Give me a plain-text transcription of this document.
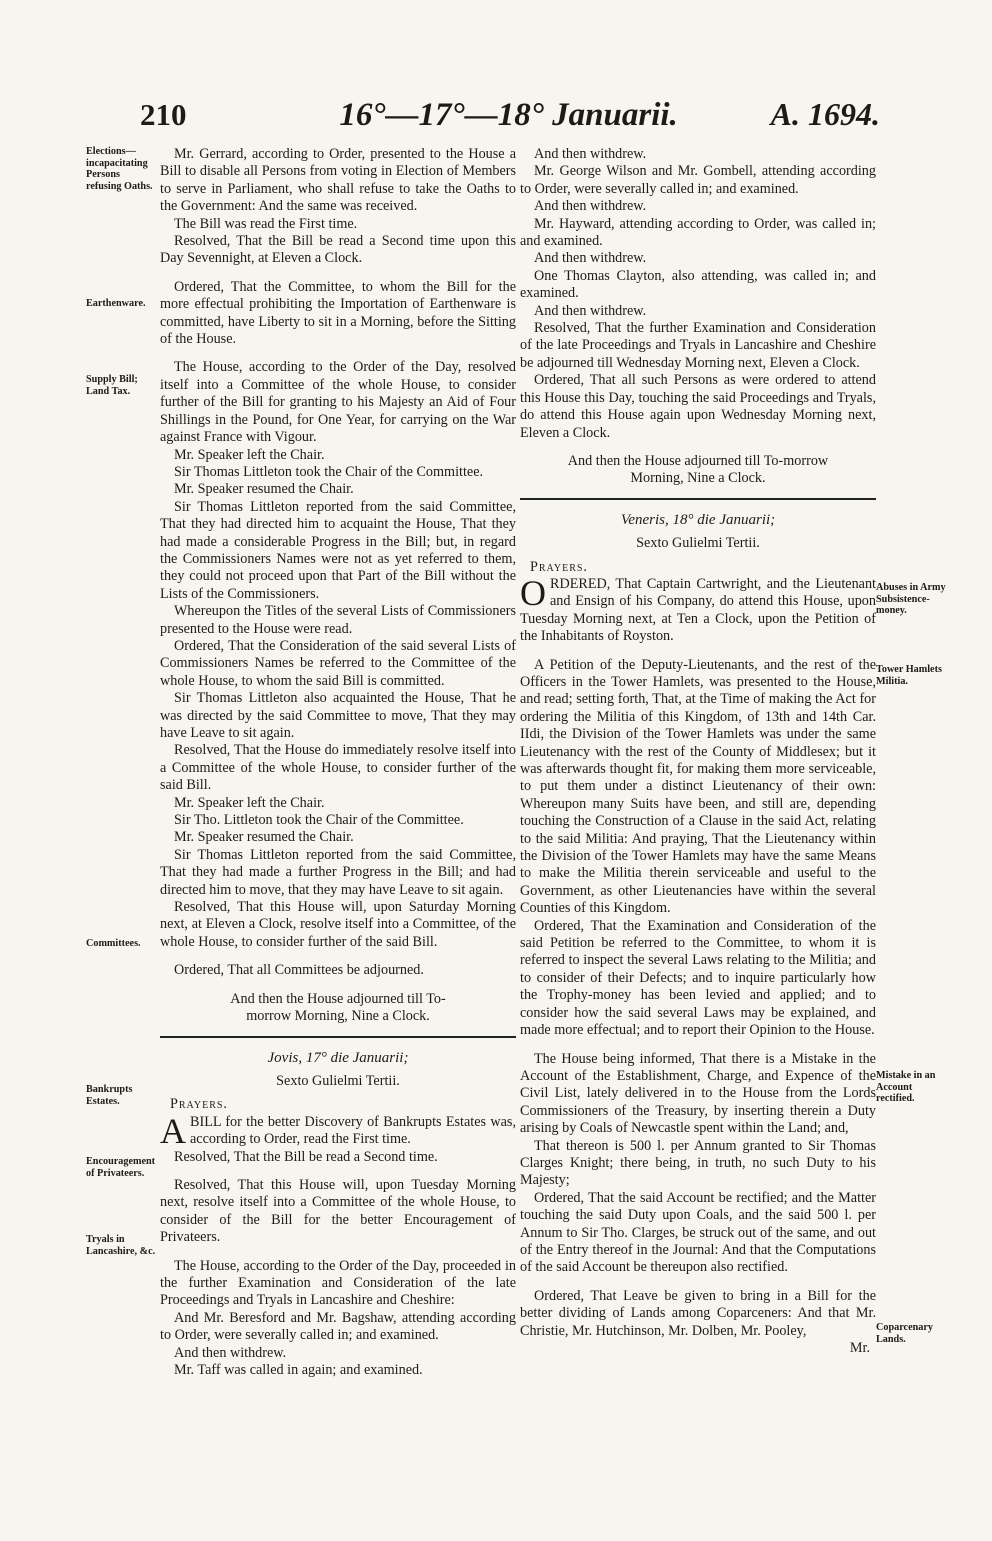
210	16°—17°—18° Januarii.	A. 1694.
Elections—incapacitating Persons refusing Oaths.
Earthenware.
Supply Bill; Land Tax.
Committees.
Bankrupts Estates.
Encouragement of Privateers.
Tryals in Lancashire, &c.

Mr. Gerrard, according to Order, presented to the House a Bill to disable all Persons from voting in Election of Members to serve in Parliament, who shall refuse to take the Oaths to the Government: And the same was received.

The Bill was read the First time.

Resolved, That the Bill be read a Second time upon this Day Sevennight, at Eleven a Clock.

Ordered, That the Committee, to whom the Bill for the more effectual prohibiting the Importation of Earthenware is committed, have Liberty to sit in a Morning, before the Sitting of the House.

The House, according to the Order of the Day, resolved itself into a Committee of the whole House, to consider further of the Bill for granting to his Majesty an Aid of Four Shillings in the Pound, for One Year, for carrying on the War against France with Vigour.

Mr. Speaker left the Chair.

Sir Thomas Littleton took the Chair of the Committee.

Mr. Speaker resumed the Chair.

Sir Thomas Littleton reported from the said Committee, That they had directed him to acquaint the House, That they had made a considerable Progress in the Bill; but, in regard the Commissioners Names were not as yet referred to them, they could not proceed upon that Part of the Bill without the Lists of the Commissioners.

Whereupon the Titles of the several Lists of Commissioners presented to the House were read.

Ordered, That the Consideration of the said several Lists of Commissioners Names be referred to the Committee of the whole House, to whom the said Bill is committed.

Sir Thomas Littleton also acquainted the House, That he was directed by the said Committee to move, That they may have Leave to sit again.

Resolved, That the House do immediately resolve itself into a Committee of the whole House, to consider further of the said Bill.

Mr. Speaker left the Chair.

Sir Tho. Littleton took the Chair of the Committee.

Mr. Speaker resumed the Chair.

Sir Thomas Littleton reported from the said Committee, That they had made a further Progress in the Bill; and had directed him to move, that they may have Leave to sit again.

Resolved, That this House will, upon Saturday Morning next, at Eleven a Clock, resolve itself into a Committee, of the whole House, to consider further of the said Bill.

Ordered, That all Committees be adjourned.

And then the House adjourned till To-morrow Morning, Nine a Clock.

Jovis, 17° die Januarii;
Sexto Gulielmi Tertii.
Prayers.

ABILL for the better Discovery of Bankrupts Estates was, according to Order, read the First time.

Resolved, That the Bill be read a Second time.

Resolved, That this House will, upon Tuesday Morning next, resolve itself into a Committee of the whole House, to consider of the Bill for the better Encouragement of Privateers.

The House, according to the Order of the Day, proceeded in the further Examination and Consideration of the late Proceedings and Tryals in Lancashire and Cheshire:

And Mr. Beresford and Mr. Bagshaw, attending according to Order, were severally called in; and examined.

And then withdrew.

Mr. Taff was called in again; and examined.

And then withdrew.

Mr. George Wilson and Mr. Gombell, attending according to Order, were severally called in; and examined.

And then withdrew.

Mr. Hayward, attending according to Order, was called in; and examined.

And then withdrew.

One Thomas Clayton, also attending, was called in; and examined.

And then withdrew.

Resolved, That the further Examination and Consideration of the late Proceedings and Tryals in Lancashire and Cheshire be adjourned till Wednesday Morning next, Eleven a Clock.

Ordered, That all such Persons as were ordered to attend this House this Day, touching the said Proceedings and Tryals, do attend this House again upon Wednesday Morning next, Eleven a Clock.

And then the House adjourned till To-morrow Morning, Nine a Clock.

Veneris, 18° die Januarii;
Sexto Gulielmi Tertii.
Prayers.

ORDERED, That Captain Cartwright, and the Lieutenant and Ensign of his Company, do attend this House, upon Tuesday Morning next, at Ten a Clock, upon the Petition of the Inhabitants of Royston.

A Petition of the Deputy-Lieutenants, and the rest of the Officers in the Tower Hamlets, was presented to the House, and read; setting forth, That, at the Time of making the Act for ordering the Militia of this Kingdom, of 13th and 14th Car. IIdi, the Division of the Tower Hamlets was under the same Lieutenancy with the rest of the County of Middlesex; but it was afterwards thought fit, for making them more serviceable, to put them under a distinct Lieutenancy of their own: Whereupon many Suits have been, and still are, depending touching the Construction of a Clause in the said Act, relating to the said Militia: And praying, That the Lieutenancy within the Division of the Tower Hamlets may have the same Means to make the Militia therein serviceable and useful to the Government, as other Lieutenancies have within the several Counties of this Kingdom.

Ordered, That the Examination and Consideration of the said Petition be referred to the Committee, to whom it is referred to inspect the several Laws relating to the Militia; and to consider of their Defects; and to inquire particularly how the Trophy-money has been levied and applied; and to consider how the said several Laws may be explained, and made more effectual; and to report their Opinion to the House.

The House being informed, That there is a Mistake in the Account of the Establishment, Charge, and Expence of the Civil List, lately delivered in to the House from the Lords Commissioners of the Treasury, by inserting therein a Duty arising by Coals of Newcastle spent within the Land; and,

That thereon is 500 l. per Annum granted to Sir Thomas Clarges Knight; there being, in truth, no such Duty to his Majesty;

Ordered, That the said Account be rectified; and the Matter touching the said Duty upon Coals, and the said 500 l. per Annum to Sir Tho. Clarges, be struck out of the same, and out of the Entry thereof in the Journal: And that the Computations of the said Account be thereupon also rectified.

Ordered, That Leave be given to bring in a Bill for the better dividing of Lands among Coparceners: And that Mr. Christie, Mr. Hutchinson, Mr. Dolben, Mr. Pooley,

Mr.

Abuses in Army Subsistence-money.
Tower Hamlets Militia.
Mistake in an Account rectified.
Coparcenary Lands.
